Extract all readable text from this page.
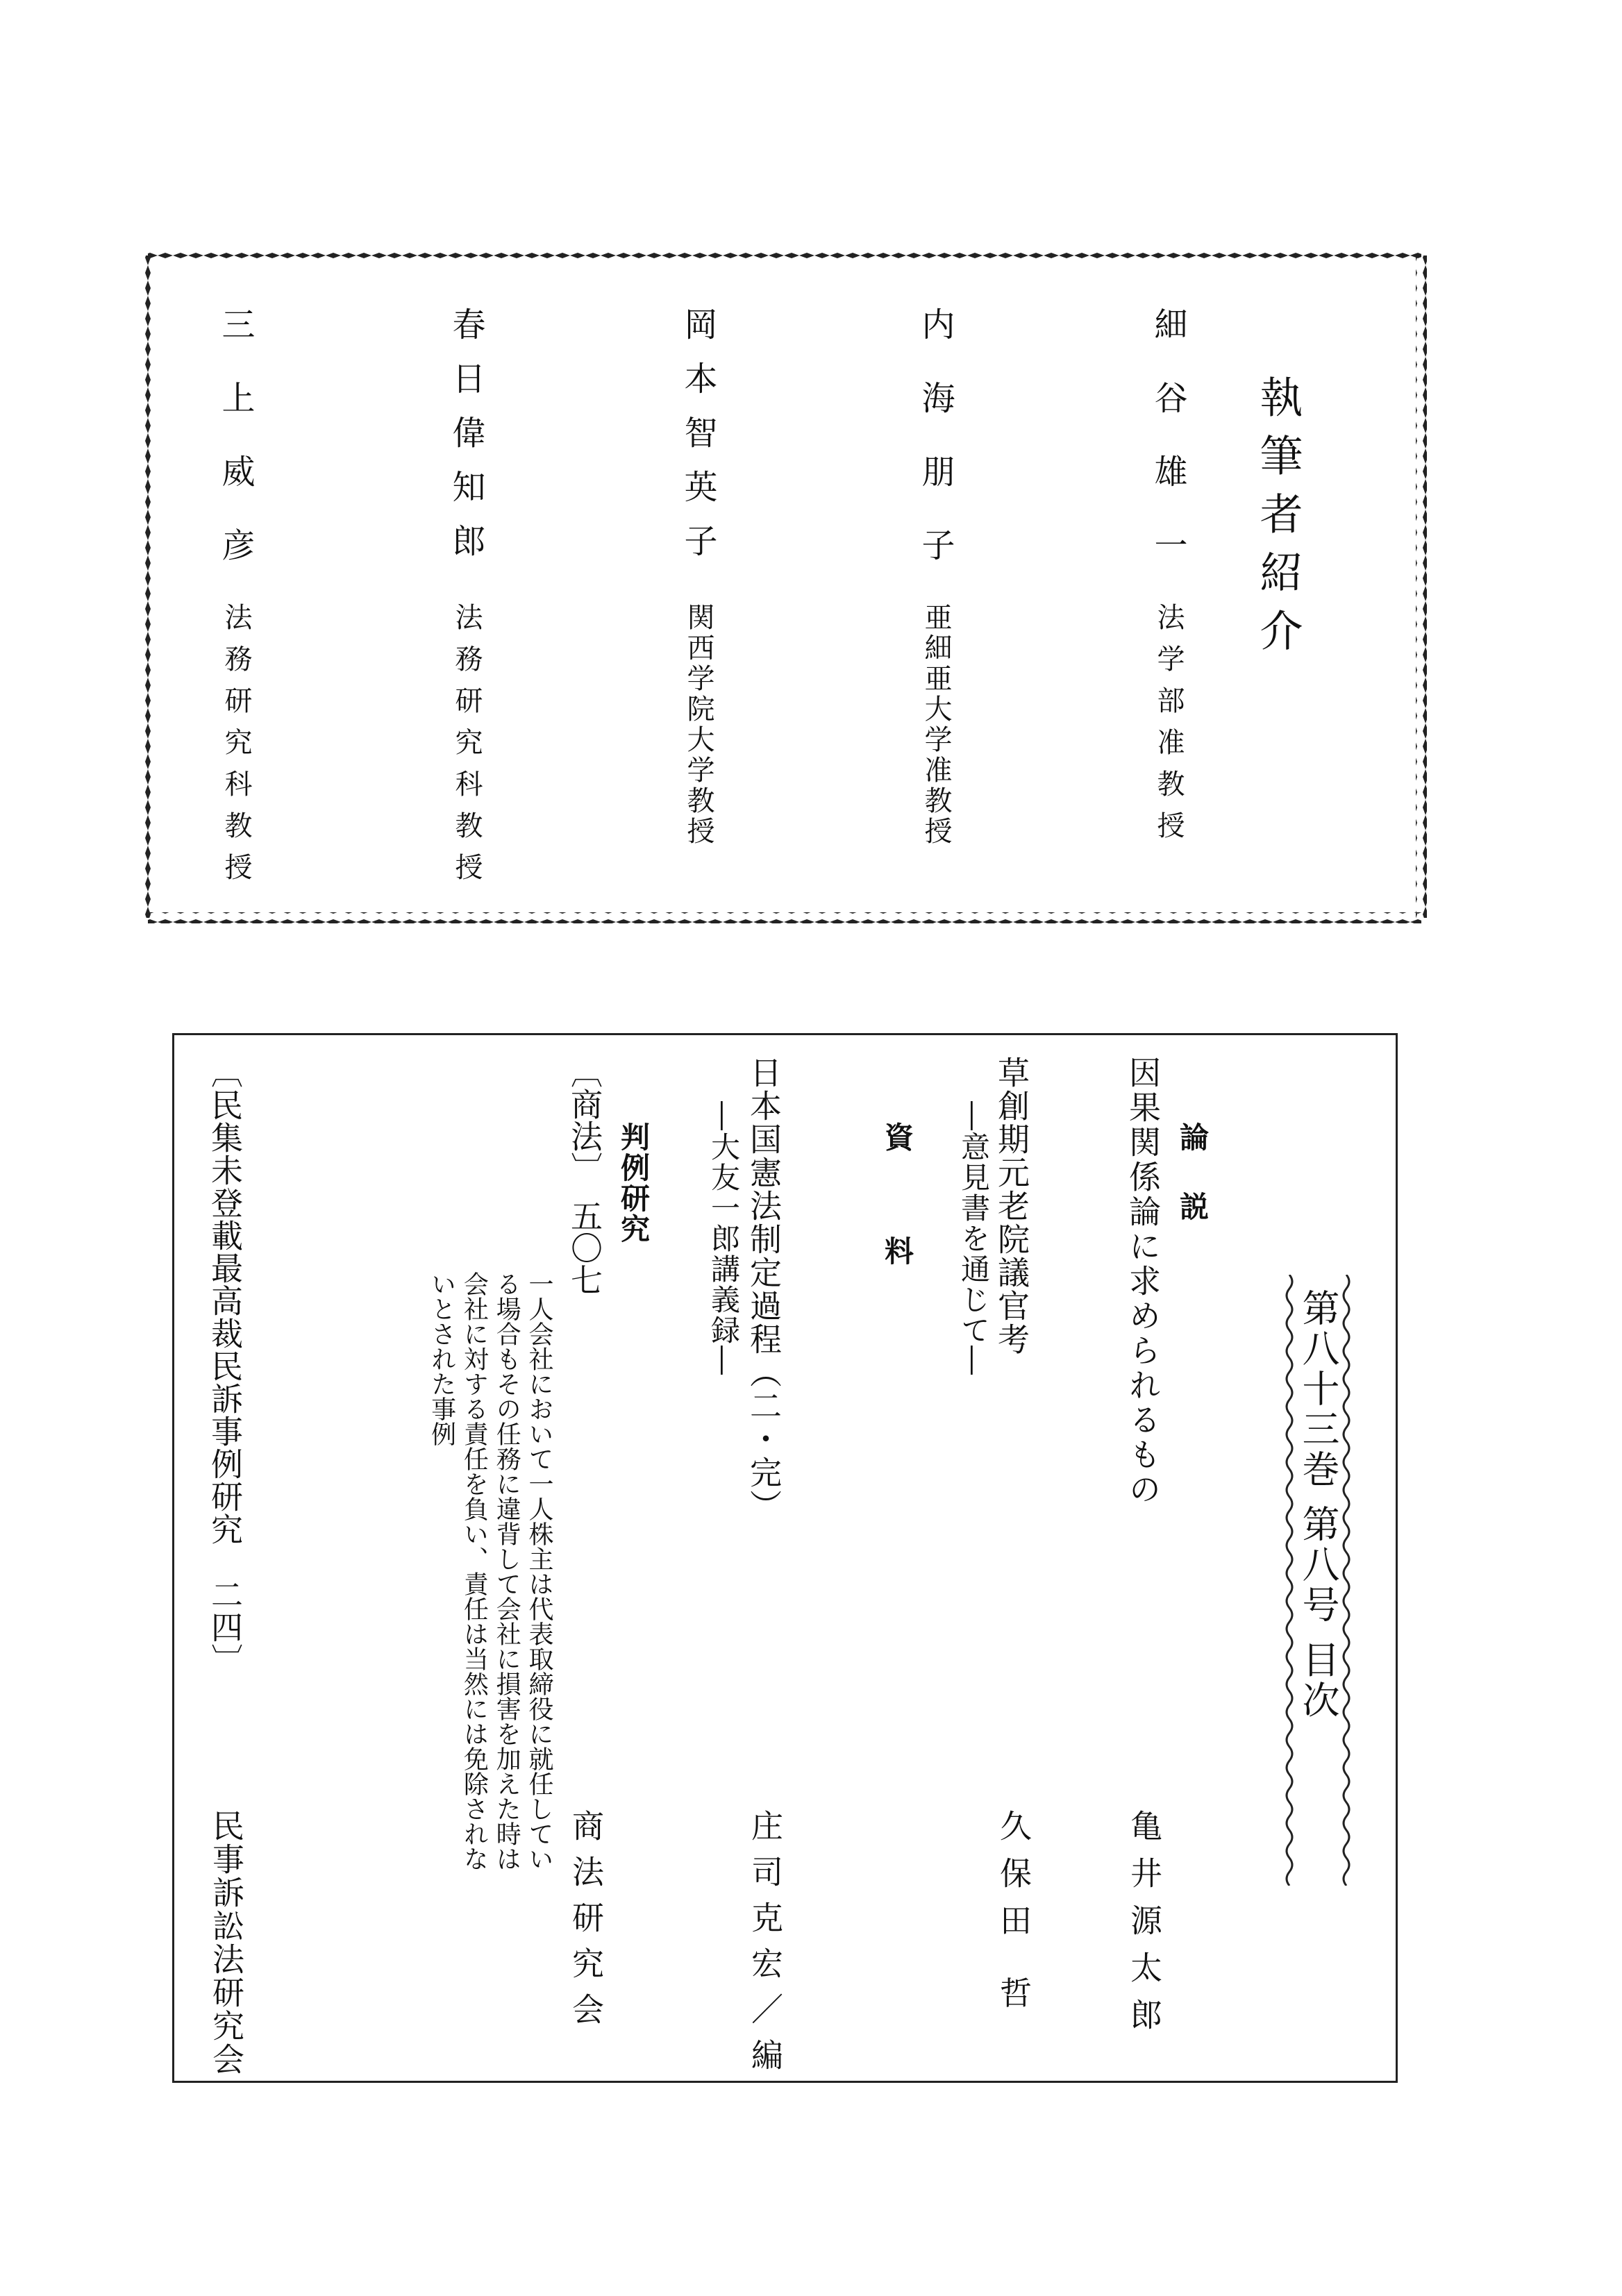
執筆者紹介
細谷雄一
法学部准教授
内海朋子
亜細亜大学准教授
岡本智英子
関西学院大学教授
春日偉知郎
法務研究科教授
三上威彦
法務研究科教授
第八十三巻 第八号 目次
論　説
因果関係論に求められるもの
亀井源太郎
草創期元老院議官考
―意見書を通じて―
久保田 哲
資　料
日本国憲法制定過程（二・完）
―大友一郎講義録―
庄司克宏／編
判例研究
〔商法〕　五〇七
一人会社において一人株主は代表取締役に就任している場合もその任務に違背して会社に損害を加えた時は会社に対する責任を負い、責任は当然には免除されないとされた事例
商法研究会
〔民集未登載最高裁民訴事例研究　二四〕
民事訴訟法研究会
